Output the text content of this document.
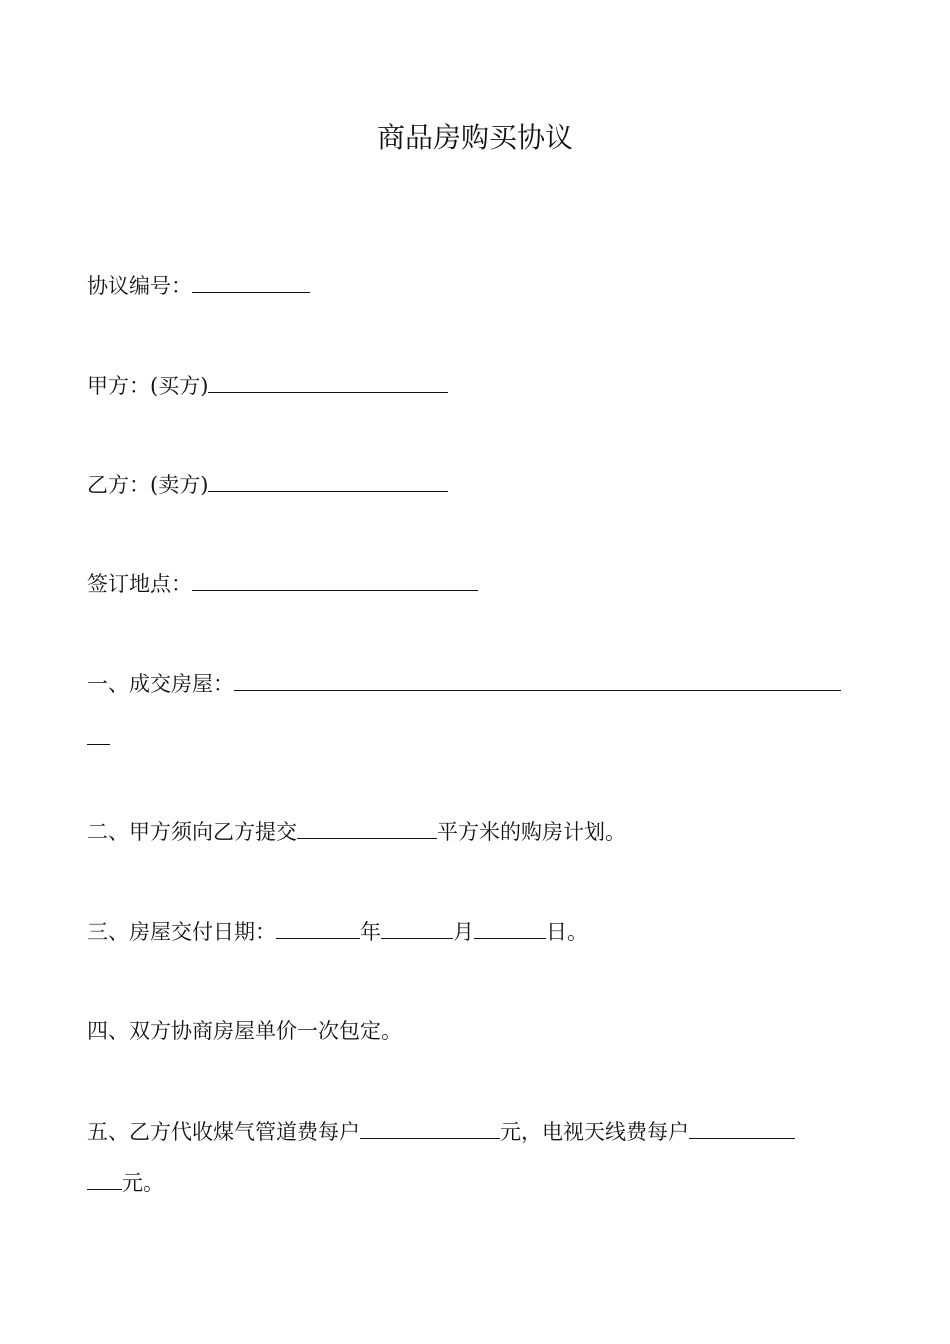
商品房购买协议
协议编号：
甲方：(买方)
乙方：(卖方)
签订地点：
一、成交房屋：
二、甲方须向乙方提交	平方米的购房计划。
三、房屋交付日期：	年	月	日。
四、双方协商房屋单价一次包定。
五、乙方代收煤气管道费每户	元，电视天线费每户
元。
